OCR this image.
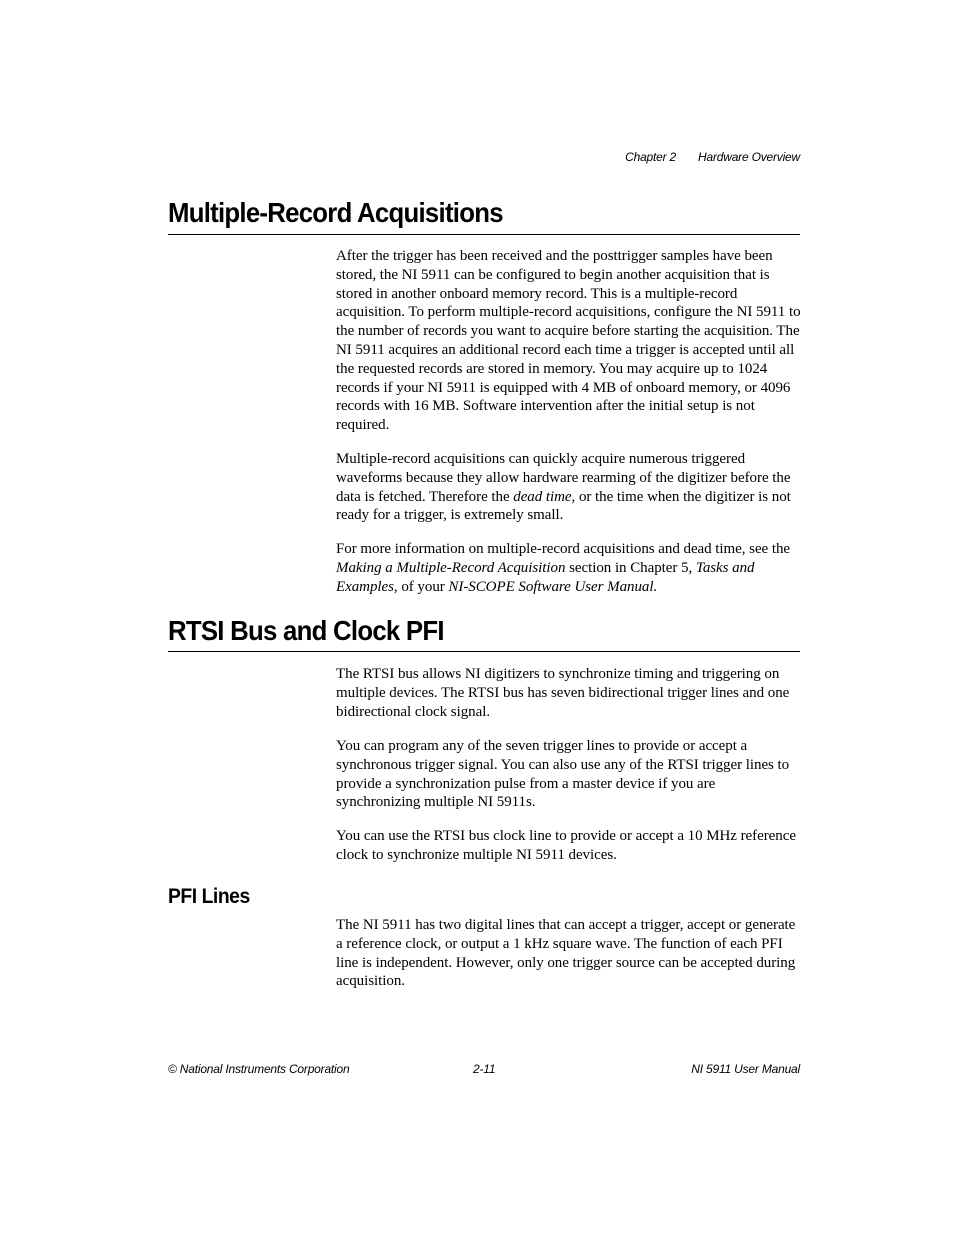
Chapter 2 Hardware Overview
Multiple-Record Acquisitions

After the trigger has been received and the posttrigger samples have been stored, the NI 5911 can be configured to begin another acquisition that is stored in another onboard memory record. This is a multiple-record acquisition. To perform multiple-record acquisitions, configure the NI 5911 to the number of records you want to acquire before starting the acquisition. The NI 5911 acquires an additional record each time a trigger is accepted until all the requested records are stored in memory. You may acquire up to 1024 records if your NI 5911 is equipped with 4 MB of onboard memory, or 4096 records with 16 MB. Software intervention after the initial setup is not required.

Multiple-record acquisitions can quickly acquire numerous triggered waveforms because they allow hardware rearming of the digitizer before the data is fetched. Therefore the dead time, or the time when the digitizer is not ready for a trigger, is extremely small.

For more information on multiple-record acquisitions and dead time, see the Making a Multiple-Record Acquisition section in Chapter 5, Tasks and Examples, of your NI-SCOPE Software User Manual.

RTSI Bus and Clock PFI

The RTSI bus allows NI digitizers to synchronize timing and triggering on multiple devices. The RTSI bus has seven bidirectional trigger lines and one bidirectional clock signal.

You can program any of the seven trigger lines to provide or accept a synchronous trigger signal. You can also use any of the RTSI trigger lines to provide a synchronization pulse from a master device if you are synchronizing multiple NI 5911s.

You can use the RTSI bus clock line to provide or accept a 10 MHz reference clock to synchronize multiple NI 5911 devices.

PFI Lines

The NI 5911 has two digital lines that can accept a trigger, accept or generate a reference clock, or output a 1 kHz square wave. The function of each PFI line is independent. However, only one trigger source can be accepted during acquisition.

© National Instruments Corporation	2-11	NI 5911 User Manual
